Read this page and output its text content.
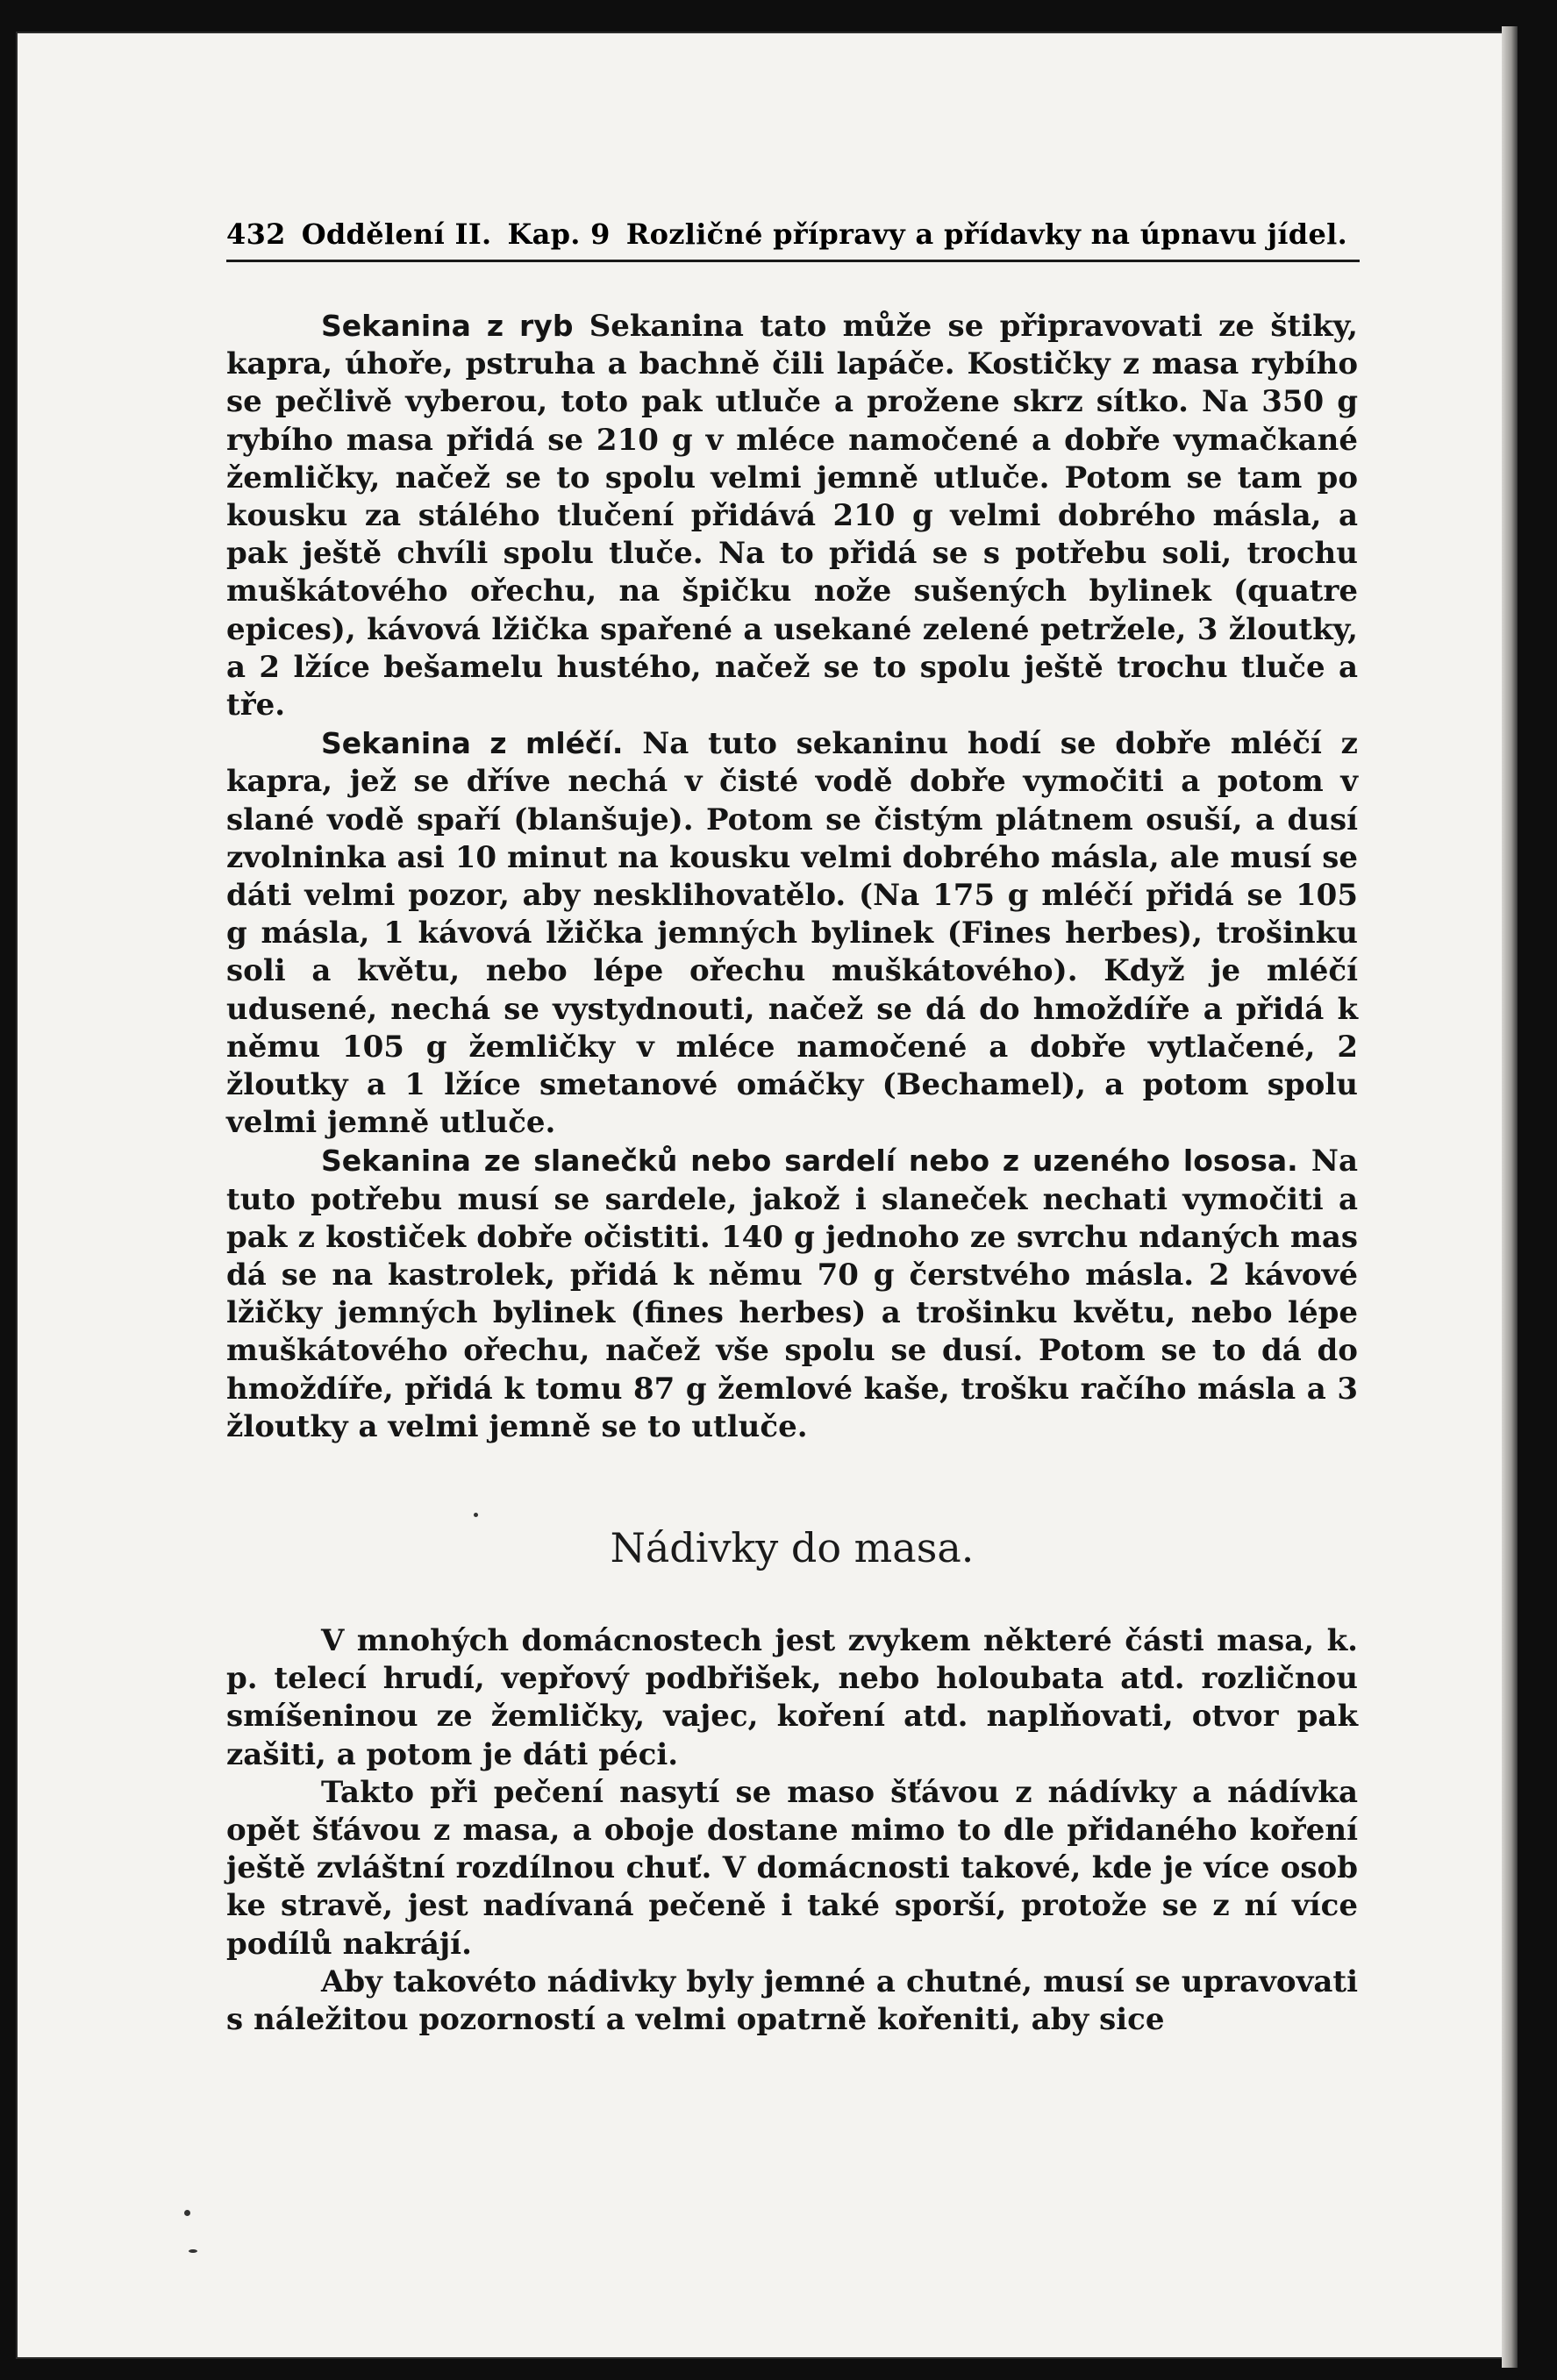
432 Oddělení II. Kap. 9 Rozličné přípravy a přídavky na úpnavu jídel.

Sekanina z ryb Sekanina tato může se připravovati ze štiky, kapra, úhoře, pstruha a bachně čili lapáče. Kostičky z masa rybího se pečlivě vyberou, toto pak utluče a prožene skrz sítko. Na 350 g rybího masa přidá se 210 g v mléce namočené a dobře vymačkané žemličky, načež se to spolu velmi jemně utluče. Potom se tam po kousku za stálého tlučení přidává 210 g velmi dobrého másla, a pak ještě chvíli spolu tluče. Na to přidá se s potřebu soli, trochu muškátového ořechu, na špičku nože sušených bylinek (quatre epices), kávová lžička spařené a usekané zelené petržele, 3 žloutky, a 2 lžíce bešamelu hustého, načež se to spolu ještě trochu tluče a tře.

Sekanina z mléčí. Na tuto sekaninu hodí se dobře mléčí z kapra, jež se dříve nechá v čisté vodě dobře vymočiti a potom v slané vodě spaří (blanšuje). Potom se čistým plátnem osuší, a dusí zvolninka asi 10 minut na kousku velmi dobrého másla, ale musí se dáti velmi pozor, aby nesklihovatělo. (Na 175 g mléčí přidá se 105 g másla, 1 kávová lžička jemných bylinek (Fines herbes), trošinku soli a květu, nebo lépe ořechu muškátového). Když je mléčí udusené, nechá se vystydnouti, načež se dá do hmoždíře a přidá k němu 105 g žemličky v mléce namočené a dobře vytlačené, 2 žloutky a 1 lžíce smetanové omáčky (Bechamel), a potom spolu velmi jemně utluče.

Sekanina ze slanečků nebo sardelí nebo z uzeného lososa. Na tuto potřebu musí se sardele, jakož i slaneček nechati vymočiti a pak z kostiček dobře očistiti. 140 g jednoho ze svrchu ndaných mas dá se na kastrolek, přidá k němu 70 g čerstvého másla. 2 kávové lžičky jemných bylinek (fines herbes) a trošinku květu, nebo lépe muškátového ořechu, načež vše spolu se dusí. Potom se to dá do hmoždíře, přidá k tomu 87 g žemlové kaše, trošku račího másla a 3 žloutky a velmi jemně se to utluče.

Nádivky do masa.

V mnohých domácnostech jest zvykem některé části masa, k. p. telecí hrudí, vepřový podbřišek, nebo holoubata atd. rozličnou smíšeninou ze žemličky, vajec, koření atd. naplňovati, otvor pak zašiti, a potom je dáti péci.

Takto při pečení nasytí se maso šťávou z nádívky a nádívka opět šťávou z masa, a oboje dostane mimo to dle přidaného koření ještě zvláštní rozdílnou chuť. V domácnosti takové, kde je více osob ke stravě, jest nadívaná pečeně i také sporší, protože se z ní více podílů nakrájí.

Aby takovéto nádivky byly jemné a chutné, musí se upravovati s náležitou pozorností a velmi opatrně kořeniti, aby sice
